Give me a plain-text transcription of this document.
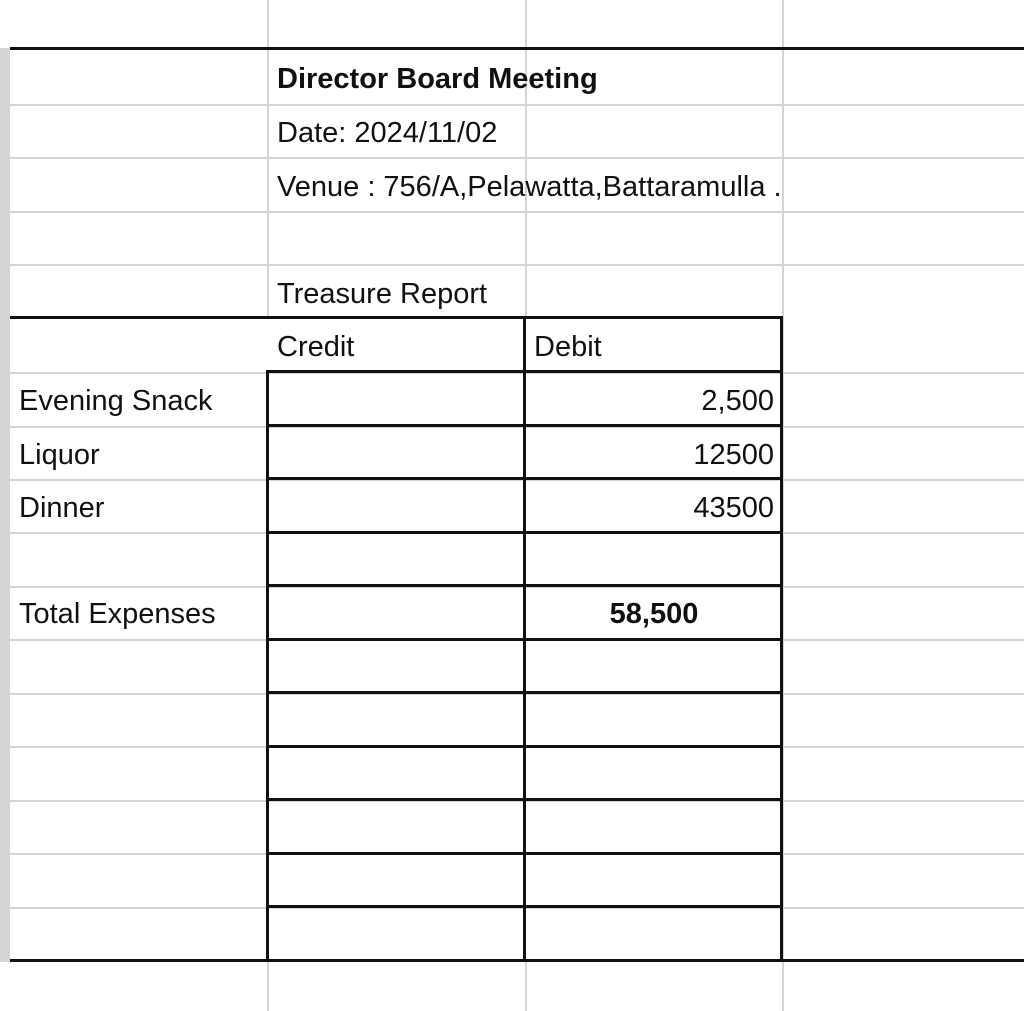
Director Board Meeting
Date: 2024/11/02
Venue : 756/A,Pelawatta,Battaramulla .
Treasure Report
Credit	Debit
Evening Snack	2,500
Liquor	12500
Dinner	43500
Total Expenses	58,500
